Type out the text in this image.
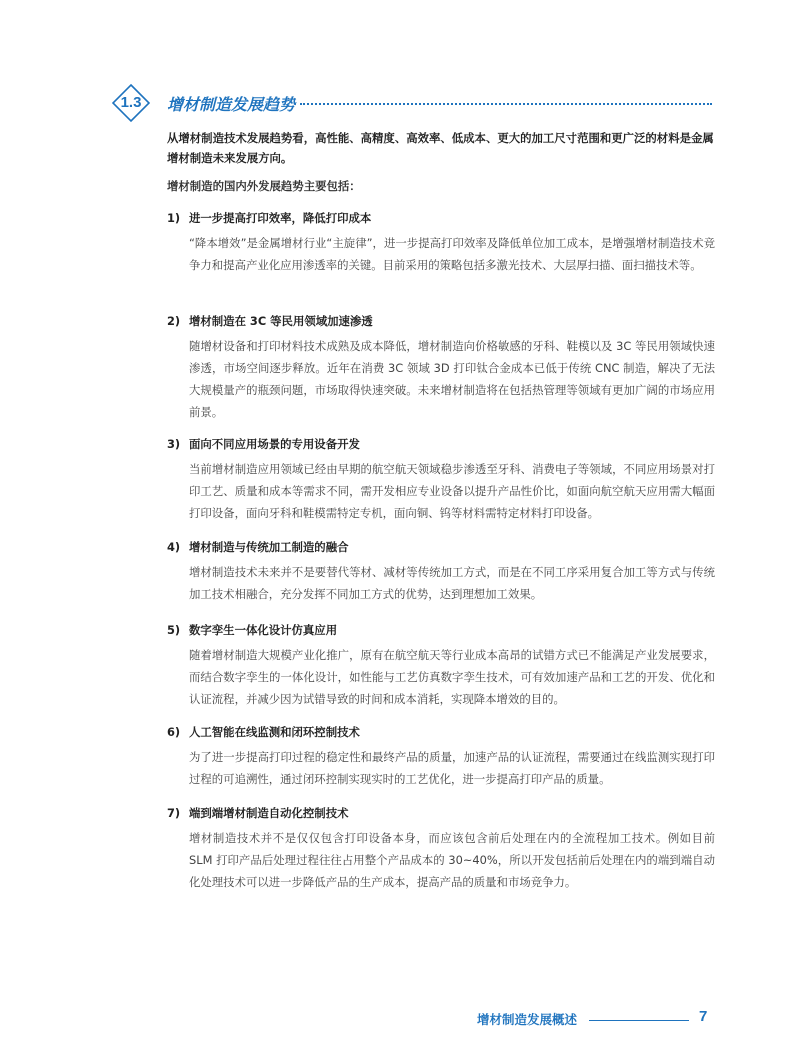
1.3	增材制造发展趋势
从增材制造技术发展趋势看，高性能、高精度、高效率、低成本、更大的加工尺寸范围和更广泛的材料是金属增材制造未来发展方向。
增材制造的国内外发展趋势主要包括：
1) 进一步提高打印效率，降低打印成本
“降本增效”是金属增材行业“主旋律”，进一步提高打印效率及降低单位加工成本，是增强增材制造技术竞争力和提高产业化应用渗透率的关键。目前采用的策略包括多激光技术、大层厚扫描、面扫描技术等。
2) 增材制造在 3C 等民用领域加速渗透
随增材设备和打印材料技术成熟及成本降低，增材制造向价格敏感的牙科、鞋模以及 3C 等民用领域快速渗透，市场空间逐步释放。近年在消费 3C 领域 3D 打印钛合金成本已低于传统 CNC 制造，解决了无法大规模量产的瓶颈问题，市场取得快速突破。未来增材制造将在包括热管理等领域有更加广阔的市场应用前景。
3) 面向不同应用场景的专用设备开发
当前增材制造应用领域已经由早期的航空航天领域稳步渗透至牙科、消费电子等领域，不同应用场景对打印工艺、质量和成本等需求不同，需开发相应专业设备以提升产品性价比，如面向航空航天应用需大幅面打印设备，面向牙科和鞋模需特定专机，面向铜、钨等材料需特定材料打印设备。
4) 增材制造与传统加工制造的融合
增材制造技术未来并不是要替代等材、减材等传统加工方式，而是在不同工序采用复合加工等方式与传统加工技术相融合，充分发挥不同加工方式的优势，达到理想加工效果。
5) 数字孪生一体化设计仿真应用
随着增材制造大规模产业化推广，原有在航空航天等行业成本高昂的试错方式已不能满足产业发展要求，而结合数字孪生的一体化设计，如性能与工艺仿真数字孪生技术，可有效加速产品和工艺的开发、优化和认证流程，并减少因为试错导致的时间和成本消耗，实现降本增效的目的。
6) 人工智能在线监测和闭环控制技术
为了进一步提高打印过程的稳定性和最终产品的质量，加速产品的认证流程，需要通过在线监测实现打印过程的可追溯性，通过闭环控制实现实时的工艺优化，进一步提高打印产品的质量。
7) 端到端增材制造自动化控制技术
增材制造技术并不是仅仅包含打印设备本身，而应该包含前后处理在内的全流程加工技术。例如目前 SLM 打印产品后处理过程往往占用整个产品成本的 30~40%，所以开发包括前后处理在内的端到端自动化处理技术可以进一步降低产品的生产成本，提高产品的质量和市场竞争力。
增材制造发展概述	7
